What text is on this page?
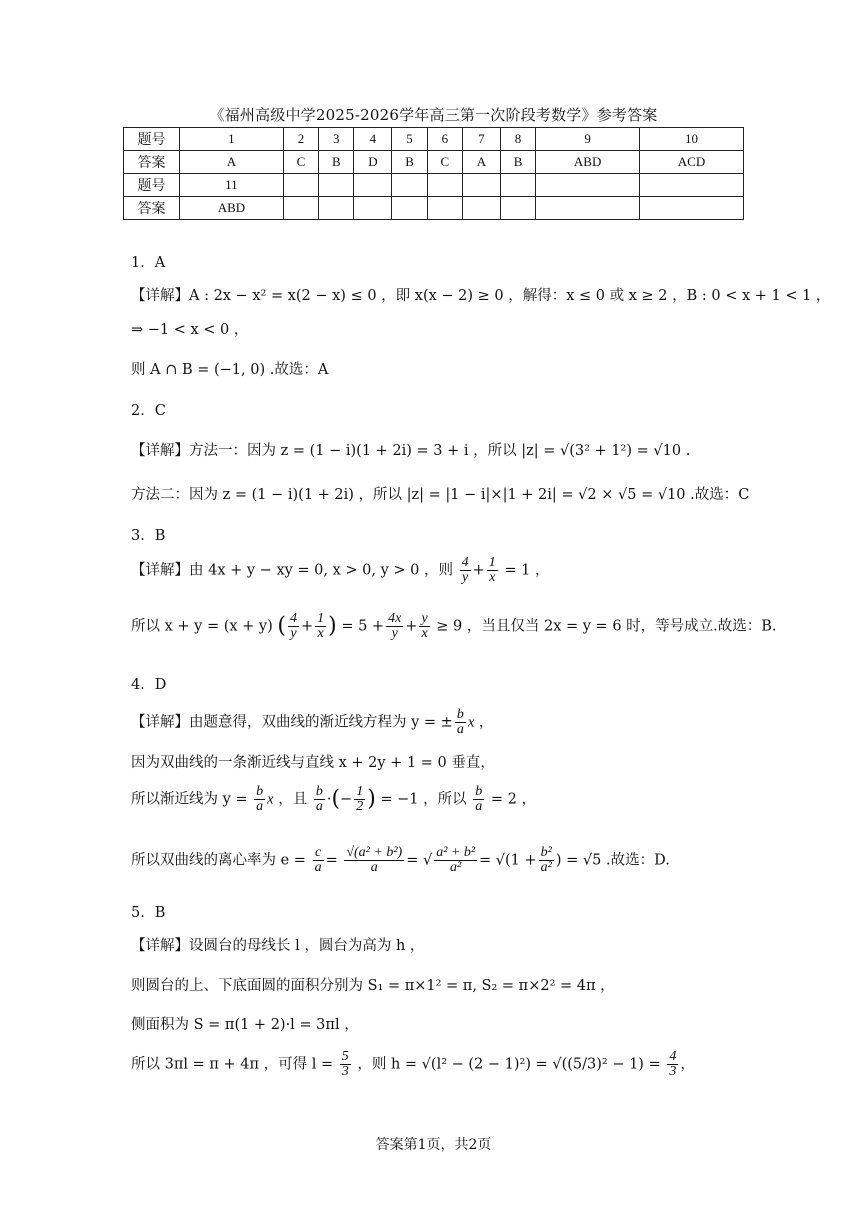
《福州高级中学2025-2026学年高三第一次阶段考数学》参考答案
题号	1	2	3	4	5	6	7	8	9	10
答案	A	C	B	D	B	C	A	B	ABD	ACD
题号	11									
答案	ABD									
1．A
【详解】A : 2x − x² = x(2 − x) ≤ 0 ，即 x(x − 2) ≥ 0 ，解得：x ≤ 0 或 x ≥ 2 ，B : 0 < x + 1 < 1 ，
⇒ −1 < x < 0 ，
则 A ∩ B = (−1, 0) .故选：A
2．C
【详解】方法一：因为 z = (1 − i)(1 + 2i) = 3 + i ，所以 |z| = √(3² + 1²) = √10 .
方法二：因为 z = (1 − i)(1 + 2i) ，所以 |z| = |1 − i|×|1 + 2i| = √2 × √5 = √10 .故选：C
3．B
【详解】由 4x + y − xy = 0, x > 0, y > 0 ，则 $\frac{4}{y} + \frac{1}{x} = 1$ ，
所以 x + y = (x + y) ( $\frac{4}{y} + \frac{1}{x}$ ) = $5 + \frac{4x}{y} + \frac{y}{x} \ge 9$ ，当且仅当 2x = y = 6 时，等号成立.故选：B.
4．D
【详解】由题意得，双曲线的渐近线方程为 y = ± $\frac{b}{a}$ x ，
因为双曲线的一条渐近线与直线 x + 2y + 1 = 0 垂直，
所以渐近线为 $y = \frac{b}{a}$ x ，且 $\frac{b}{a}$ ·(− $\frac{1}{2}$ ) = −1 ，所以 $\frac{b}{a} = 2$ ，
所以双曲线的离心率为 $e = \frac{c}{a} = \frac{\text{√(a² + b²)}}{a}$ = √ $\frac{\text{a² + b²}}{\text{a²}} = √(1 + \frac{\text{b²}}{\text{a²}}$ ) = √5 .故选：D.
5．B
【详解】设圆台的母线长 l ，圆台为高为 h ，
则圆台的上、下底面圆的面积分别为 S₁ = π×1² = π, S₂ = π×2² = 4π ，
侧面积为 S = π(1 + 2)·l = 3πl ，
所以 3πl = π + 4π ，可得 $l = \frac{5}{3}$ ，则 $h = √(l^2 - (2 - 1)^2) = √((5/3)^2 - 1) = \frac{4}{3}$ ，
答案第1页，共2页
